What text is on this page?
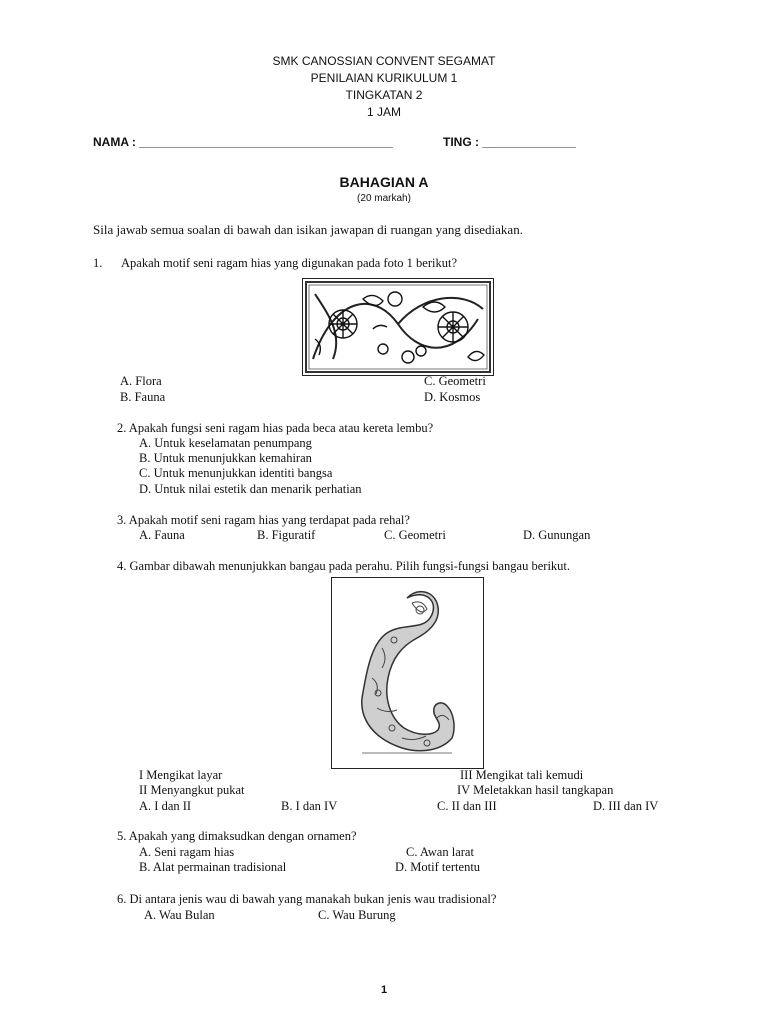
SMK CANOSSIAN CONVENT SEGAMAT
PENILAIAN KURIKULUM 1
TINGKATAN 2
1 JAM
NAMA : ______________________________________	TING : ______________
BAHAGIAN A
(20 markah)
Sila jawab semua soalan di bawah dan isikan jawapan di ruangan yang disediakan.
1. Apakah motif seni ragam hias yang digunakan pada foto 1 berikut?
A. Flora
B. Fauna
C. Geometri
D. Kosmos
2. Apakah fungsi seni ragam hias pada beca atau kereta lembu?
A. Untuk keselamatan penumpang
B. Untuk menunjukkan kemahiran
C. Untuk menunjukkan identiti bangsa
D. Untuk nilai estetik dan menarik perhatian
3. Apakah motif seni ragam hias yang terdapat pada rehal?
A. Fauna	B. Figuratif	C. Geometri	D. Gunungan
4. Gambar dibawah menunjukkan bangau pada perahu. Pilih fungsi-fungsi bangau berikut.
I Mengikat layar
II Menyangkut pukat
III Mengikat tali kemudi
IV Meletakkan hasil tangkapan
A. I dan II	B. I dan IV	C. II dan III	D. III dan IV
5. Apakah yang dimaksudkan dengan ornamen?
A. Seni ragam hias
B. Alat permainan tradisional
C. Awan larat
D. Motif tertentu
6. Di antara jenis wau di bawah yang manakah bukan jenis wau tradisional?
A. Wau Bulan	C. Wau Burung
1
